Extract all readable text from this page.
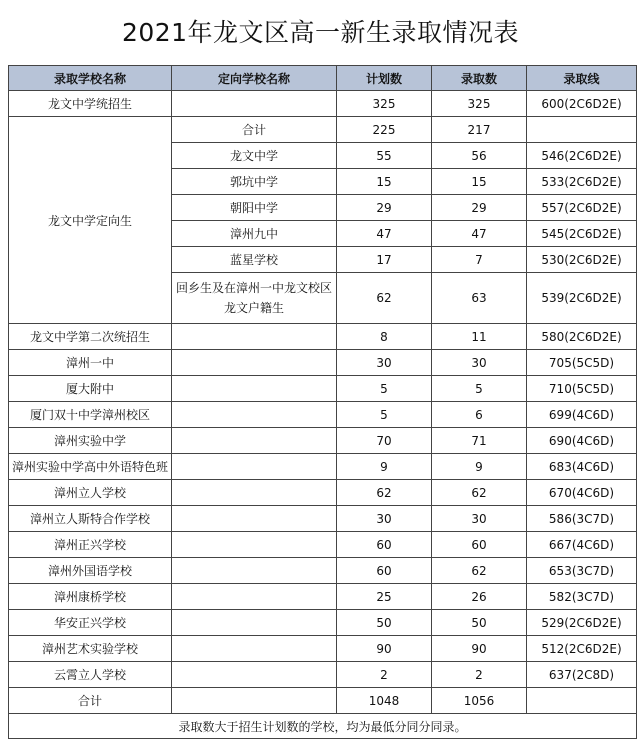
2021年龙文区高一新生录取情况表
录取学校名称	定向学校名称	计划数	录取数	录取线
龙文中学统招生		325	325	600(2C6D2E)
龙文中学定向生	合计	225	217	
	龙文中学	55	56	546(2C6D2E)
	郭坑中学	15	15	533(2C6D2E)
	朝阳中学	29	29	557(2C6D2E)
	漳州九中	47	47	545(2C6D2E)
	蓝星学校	17	7	530(2C6D2E)
	回乡生及在漳州一中龙文校区
龙文户籍生	62	63	539(2C6D2E)
龙文中学第二次统招生		8	11	580(2C6D2E)
漳州一中		30	30	705(5C5D)
厦大附中		5	5	710(5C5D)
厦门双十中学漳州校区		5	6	699(4C6D)
漳州实验中学		70	71	690(4C6D)
漳州实验中学高中外语特色班		9	9	683(4C6D)
漳州立人学校		62	62	670(4C6D)
漳州立人斯特合作学校		30	30	586(3C7D)
漳州正兴学校		60	60	667(4C6D)
漳州外国语学校		60	62	653(3C7D)
漳州康桥学校		25	26	582(3C7D)
华安正兴学校		50	50	529(2C6D2E)
漳州艺术实验学校		90	90	512(2C6D2E)
云霄立人学校		2	2	637(2C8D)
合计		1048	1056	
录取数大于招生计划数的学校，均为最低分同分同录。				
